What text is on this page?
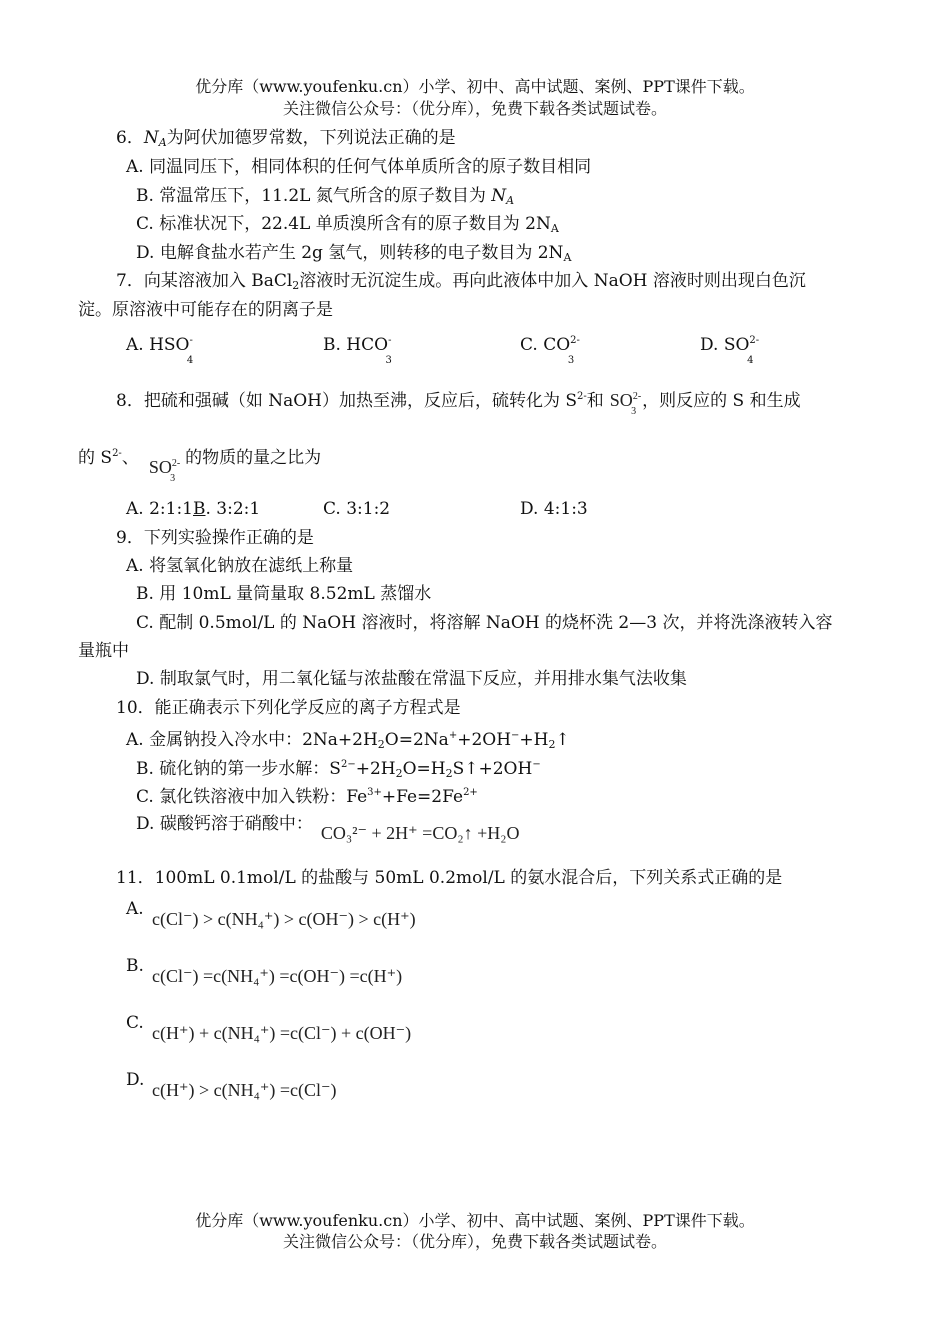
优分库（www.youfenku.cn）小学、初中、高中试题、案例、PPT课件下载。
关注微信公众号：（优分库），免费下载各类试题试卷。
6．$N_A$为阿伏加德罗常数，下列说法正确的是
A. 同温同压下，相同体积的任何气体单质所含的原子数目相同
B. 常温常压下，11.2L 氮气所含的原子数目为 $N_A$
C. 标准状况下，22.4L 单质溴所含有的原子数目为 $2N_A$
D. 电解食盐水若产生 2g 氢气，则转移的电子数目为 $2N_A$
7．向某溶液加入 BaCl$_2$溶液时无沉淀生成。再向此液体中加入 NaOH 溶液时则出现白色沉
淀。原溶液中可能存在的阴离子是
A. $HSO^-_4$
B. $HCO^-_3$
C. $CO^{2-}_3$
D. $SO^{2-}_4$
8．把硫和强碱（如 NaOH）加热至沸，反应后，硫转化为 $S^{2-}$和 $SO^{2-}_3$，则反应的 S 和生成
的 $S^{2-}$、 $SO^{2-}_3$的物质的量之比为
A. 2:1:1B. 3:2:1	C. 3:1:2	D. 4:1:3
9．下列实验操作正确的是
A. 将氢氧化钠放在滤纸上称量
B. 用 10mL 量筒量取 8.52mL 蒸馏水
C. 配制 0.5mol/L 的 NaOH 溶液时，将溶解 NaOH 的烧杯洗 2—3 次，并将洗涤液转入容
量瓶中
D. 制取氯气时，用二氧化锰与浓盐酸在常温下反应，并用排水集气法收集
10．能正确表示下列化学反应的离子方程式是
A. 金属钠投入冷水中：$2Na+2H_2O=2Na^++2OH^-+H_2↑$
B. 硫化钠的第一步水解：$S^{2-}+2H_2O=H_2S↑+2OH^-$
C. 氯化铁溶液中加入铁粉：$Fe^{3+}+Fe=2Fe^{2+}$
D. 碳酸钙溶于硝酸中： CO₃²⁻ + 2H⁺ =CO₂↑ +H₂O
11．100mL 0.1mol/L 的盐酸与 50mL 0.2mol/L 的氨水混合后，下列关系式正确的是
A. c(Cl⁻) > c(NH₄⁺) > c(OH⁻) > c(H⁺)
B. c(Cl⁻) =c(NH₄⁺) =c(OH⁻) =c(H⁺)
C. c(H⁺) + c(NH₄⁺) =c(Cl⁻) + c(OH⁻)
D. c(H⁺) > c(NH₄⁺) =c(Cl⁻)
优分库（www.youfenku.cn）小学、初中、高中试题、案例、PPT课件下载。
关注微信公众号：（优分库），免费下载各类试题试卷。
